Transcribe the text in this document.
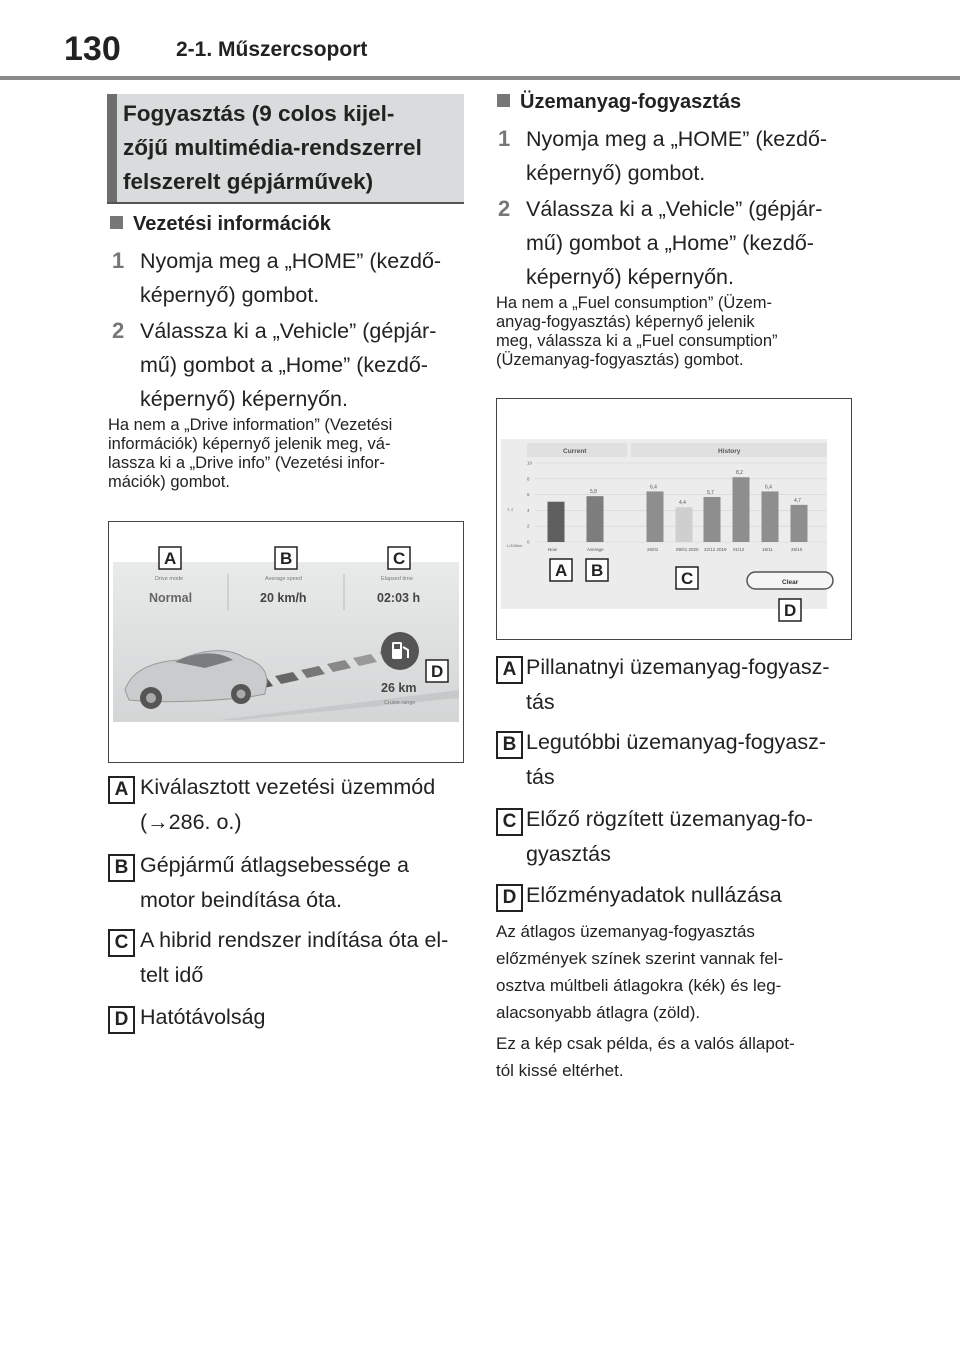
130	2-1. Műszercsoport
Fogyasztás (9 colos kijel-
zőjű multimédia-rendszerrel
felszerelt gépjárművek)
Vezetési információk
1 Nyomja meg a „HOME” (kezdő-
képernyő) gombot.
2 Válassza ki a „Vehicle” (gépjár-
mű) gombot a „Home” (kezdő-
képernyő) képernyőn.
Ha nem a „Drive information” (Vezetési
információk) képernyő jelenik meg, vá-
lassza ki a „Drive info” (Vezetési infor-
mációk) gombot.
Drive mode
Normal
Average speed
20 km/h
Elapsed time
02:03 h
26 km
Cruise range
A	B	C
D
A Kiválasztott vezetési üzemmód
(→286. o.)
B Gépjármű átlagsebessége a
motor beindítása óta.
C A hibrid rendszer indítása óta el-
telt idő
D Hatótávolság
Üzemanyag-fogyasztás
1 Nyomja meg a „HOME” (kezdő-
képernyő) gombot.
2 Válassza ki a „Vehicle” (gépjár-
mű) gombot a „Home” (kezdő-
képernyő) képernyőn.
Ha nem a „Fuel consumption” (Üzem-
anyag-fogyasztás) képernyő jelenik
meg, válassza ki a „Fuel consumption”
(Üzemanyag-fogyasztás) gombot.
Current	History
0
2
4
6
8
10
5,8
6,4
4,4
5,7
8,2
6,4
4,7
Now	Average	26/01	09/01 2020 22/12 2019 01/12	16/11	26/10
L/100km
4,4
Clear
A B	C
D
A Pillanatnyi üzemanyag-fogyasz-
tás
B Legutóbbi üzemanyag-fogyasz-
tás
C Előző rögzített üzemanyag-fo-
gyasztás
D Előzményadatok nullázása
Az átlagos üzemanyag-fogyasztás
előzmények színek szerint vannak fel-
osztva múltbeli átlagokra (kék) és leg-
alacsonyabb átlagra (zöld).
Ez a kép csak példa, és a valós állapot-
tól kissé eltérhet.
